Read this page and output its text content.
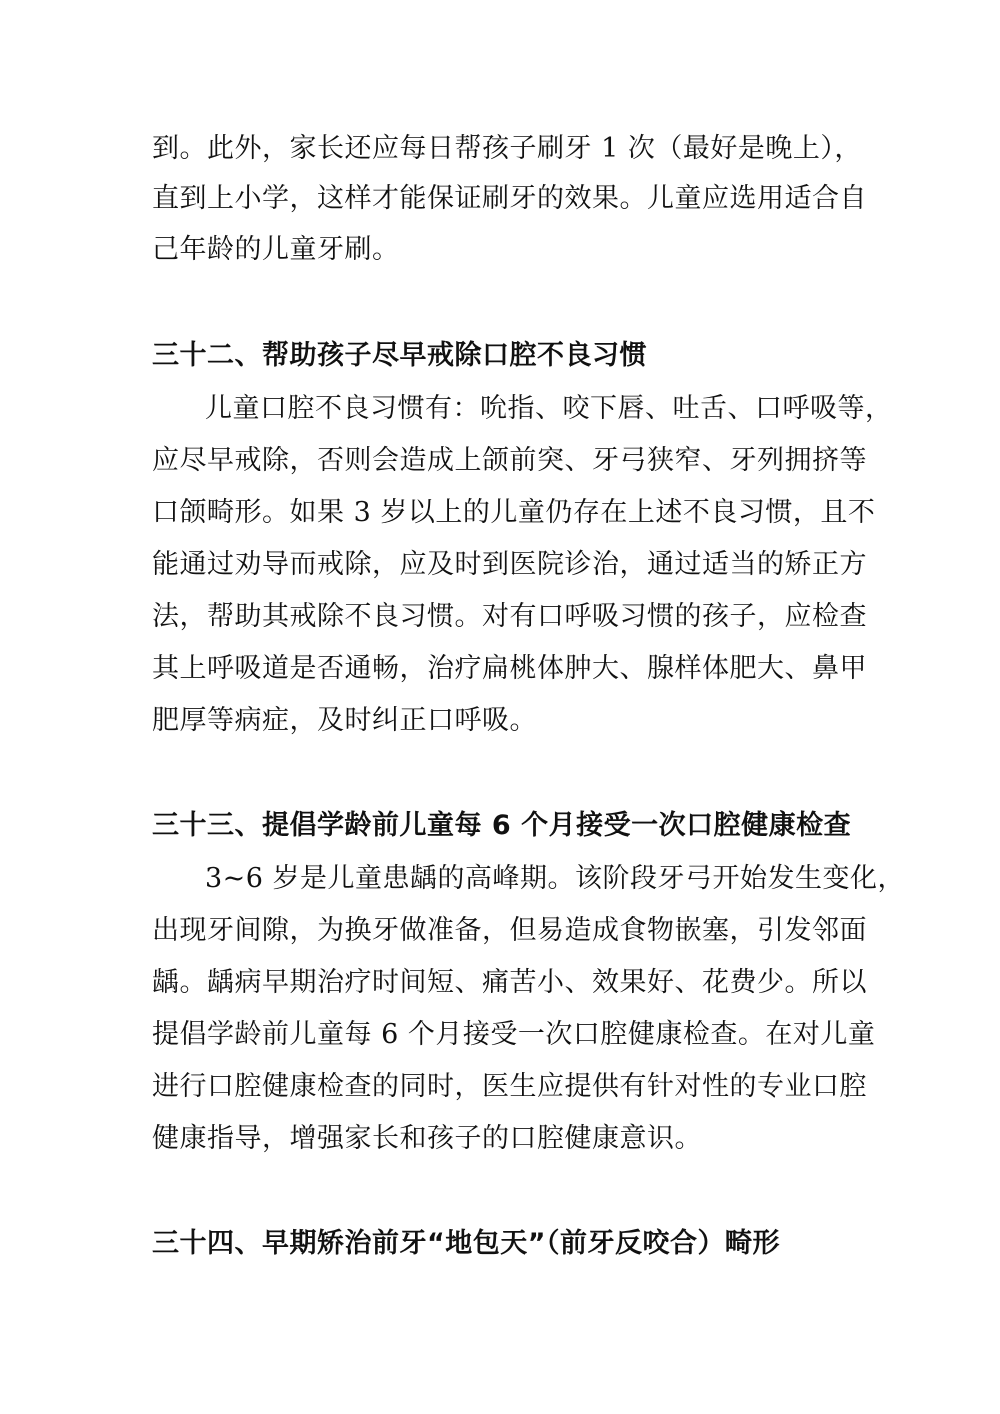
到。此外，家长还应每日帮孩子刷牙 1 次（最好是晚上），
直到上小学，这样才能保证刷牙的效果。儿童应选用适合自
己年龄的儿童牙刷。
三十二、帮助孩子尽早戒除口腔不良习惯
儿童口腔不良习惯有：吮指、咬下唇、吐舌、口呼吸等，
应尽早戒除，否则会造成上颌前突、牙弓狭窄、牙列拥挤等
口颌畸形。如果 3 岁以上的儿童仍存在上述不良习惯，且不
能通过劝导而戒除，应及时到医院诊治，通过适当的矫正方
法，帮助其戒除不良习惯。对有口呼吸习惯的孩子，应检查
其上呼吸道是否通畅，治疗扁桃体肿大、腺样体肥大、鼻甲
肥厚等病症，及时纠正口呼吸。
三十三、提倡学龄前儿童每 6 个月接受一次口腔健康检查
3~6 岁是儿童患龋的高峰期。该阶段牙弓开始发生变化，
出现牙间隙，为换牙做准备，但易造成食物嵌塞，引发邻面
龋。龋病早期治疗时间短、痛苦小、效果好、花费少。所以
提倡学龄前儿童每 6 个月接受一次口腔健康检查。在对儿童
进行口腔健康检查的同时，医生应提供有针对性的专业口腔
健康指导，增强家长和孩子的口腔健康意识。
三十四、早期矫治前牙“地包天”（前牙反咬合）畸形
